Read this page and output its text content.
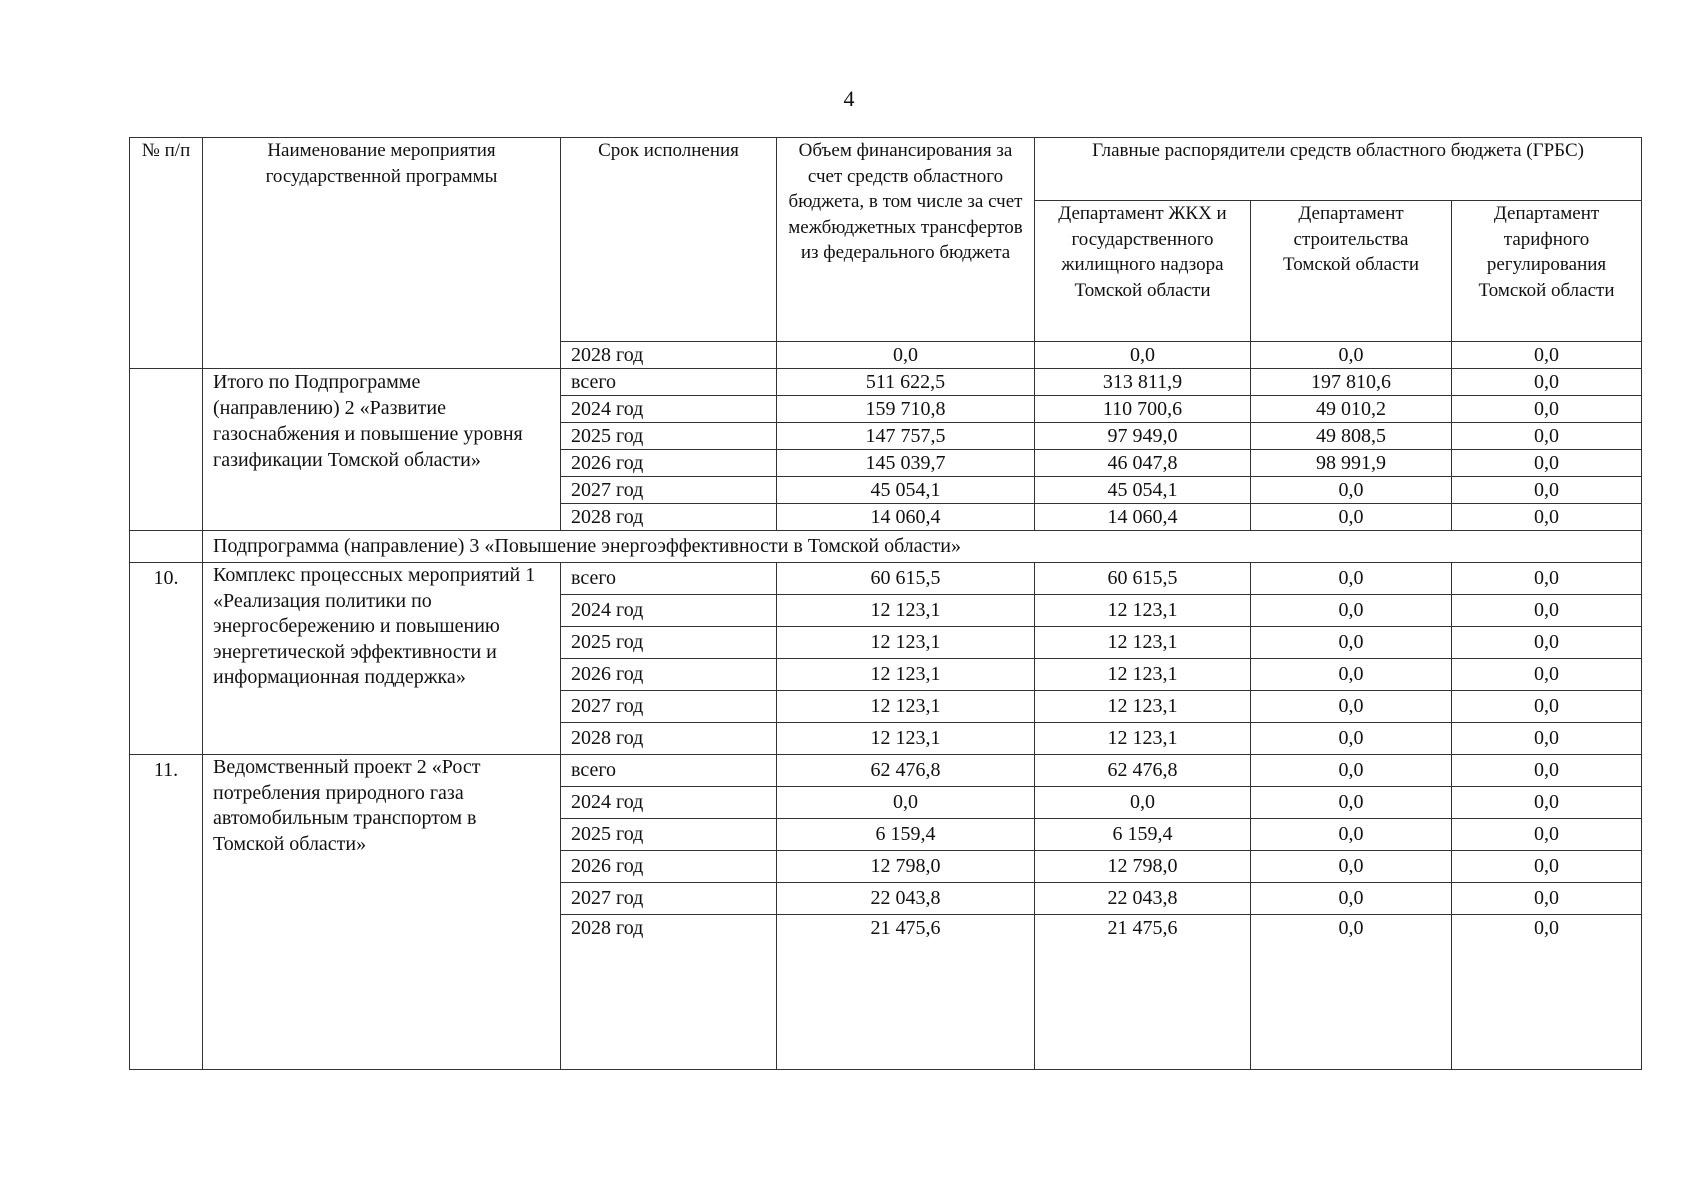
4
№ п/п	Наименование мероприятия государственной программы	Срок исполнения	Объем финансирования за счет средств областного бюджета, в том числе за счет межбюджетных трансфертов из федерального бюджета	Главные распорядители средств областного бюджета (ГРБС)		
				Департамент ЖКХ и государственного жилищного надзора Томской области	Департамент строительства Томской области	Департамент тарифного регулирования Томской области
		2028 год	0,0	0,0	0,0	0,0
	Итого по Подпрограмме (направлению) 2 «Развитие газоснабжения и повышение уровня газификации Томской области»	всего	511 622,5	313 811,9	197 810,6	0,0
		2024 год	159 710,8	110 700,6	49 010,2	0,0
		2025 год	147 757,5	97 949,0	49 808,5	0,0
		2026 год	145 039,7	46 047,8	98 991,9	0,0
		2027 год	45 054,1	45 054,1	0,0	0,0
		2028 год	14 060,4	14 060,4	0,0	0,0
	Подпрограмма (направление) 3 «Повышение энергоэффективности в Томской области»					
10.	Комплекс процессных мероприятий 1 «Реализация политики по энергосбережению и повышению энергетической эффективности и информационная поддержка»	всего	60 615,5	60 615,5	0,0	0,0
		2024 год	12 123,1	12 123,1	0,0	0,0
		2025 год	12 123,1	12 123,1	0,0	0,0
		2026 год	12 123,1	12 123,1	0,0	0,0
		2027 год	12 123,1	12 123,1	0,0	0,0
		2028 год	12 123,1	12 123,1	0,0	0,0
11.	Ведомственный проект 2 «Рост потребления природного газа автомобильным транспортом в Томской области»	всего	62 476,8	62 476,8	0,0	0,0
		2024 год	0,0	0,0	0,0	0,0
		2025 год	6 159,4	6 159,4	0,0	0,0
		2026 год	12 798,0	12 798,0	0,0	0,0
		2027 год	22 043,8	22 043,8	0,0	0,0
		2028 год	21 475,6	21 475,6	0,0	0,0
